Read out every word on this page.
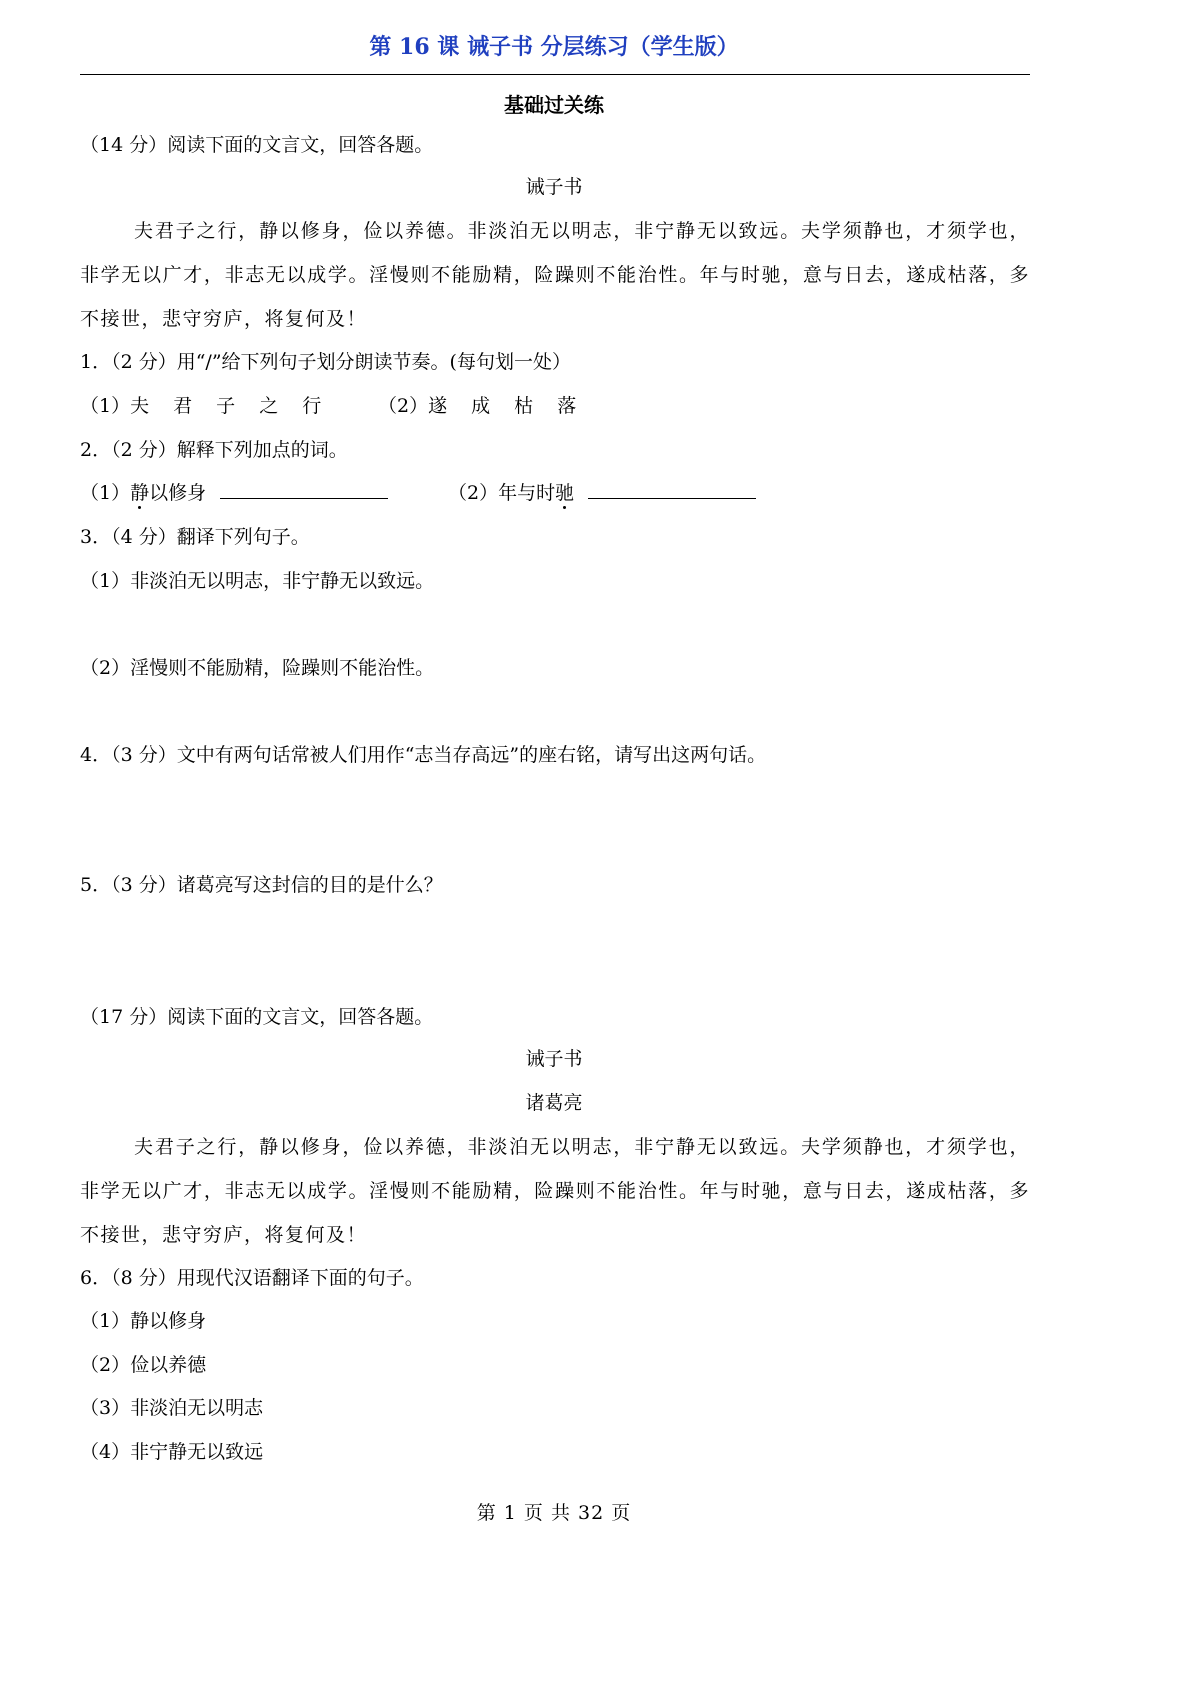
第 16 课 诫子书 分层练习（学生版）
基础过关练
（14 分）阅读下面的文言文，回答各题。
诫子书
夫君子之行，静以修身，俭以养德。非淡泊无以明志，非宁静无以致远。夫学须静也，才须学也，非学无以广才，非志无以成学。淫慢则不能励精，险躁则不能治性。年与时驰，意与日去，遂成枯落，多不接世，悲守穷庐，将复何及！
1．（2 分）用“/”给下列句子划分朗读节奏。(每句划一处）
（1）夫 君 子 之 行	（2）遂 成 枯 落
2．（2 分）解释下列加点的词。
（1）静以修身	（2）年与时驰
3．（4 分）翻译下列句子。
（1）非淡泊无以明志，非宁静无以致远。
（2）淫慢则不能励精，险躁则不能治性。
4．（3 分）文中有两句话常被人们用作“志当存高远”的座右铭，请写出这两句话。
5．（3 分）诸葛亮写这封信的目的是什么？
（17 分）阅读下面的文言文，回答各题。
诫子书
诸葛亮
夫君子之行，静以修身，俭以养德，非淡泊无以明志，非宁静无以致远。夫学须静也，才须学也，非学无以广才，非志无以成学。淫慢则不能励精，险躁则不能治性。年与时驰，意与日去，遂成枯落，多不接世，悲守穷庐，将复何及！
6．（8 分）用现代汉语翻译下面的句子。
（1）静以修身
（2）俭以养德
（3）非淡泊无以明志
（4）非宁静无以致远
第 1 页 共 32 页
